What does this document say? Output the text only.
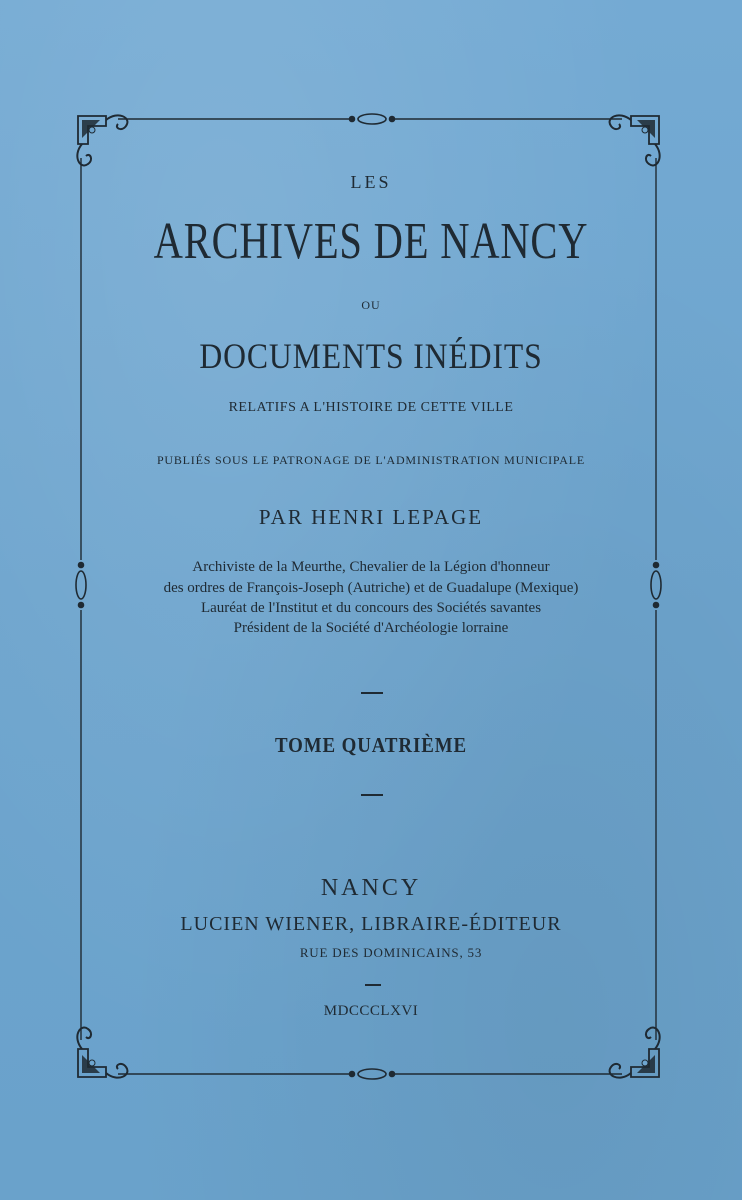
LES
ARCHIVES DE NANCY
OU
DOCUMENTS INÉDITS
RELATIFS A L'HISTOIRE DE CETTE VILLE
PUBLIÉS SOUS LE PATRONAGE DE L'ADMINISTRATION MUNICIPALE
PAR HENRI LEPAGE
Archiviste de la Meurthe, Chevalier de la Légion d'honneur
des ordres de François-Joseph (Autriche) et de Guadalupe (Mexique)
Lauréat de l'Institut et du concours des Sociétés savantes
Président de la Société d'Archéologie lorraine
TOME QUATRIÈME
NANCY
LUCIEN WIENER, LIBRAIRE-ÉDITEUR
RUE DES DOMINICAINS, 53
MDCCCLXVI
